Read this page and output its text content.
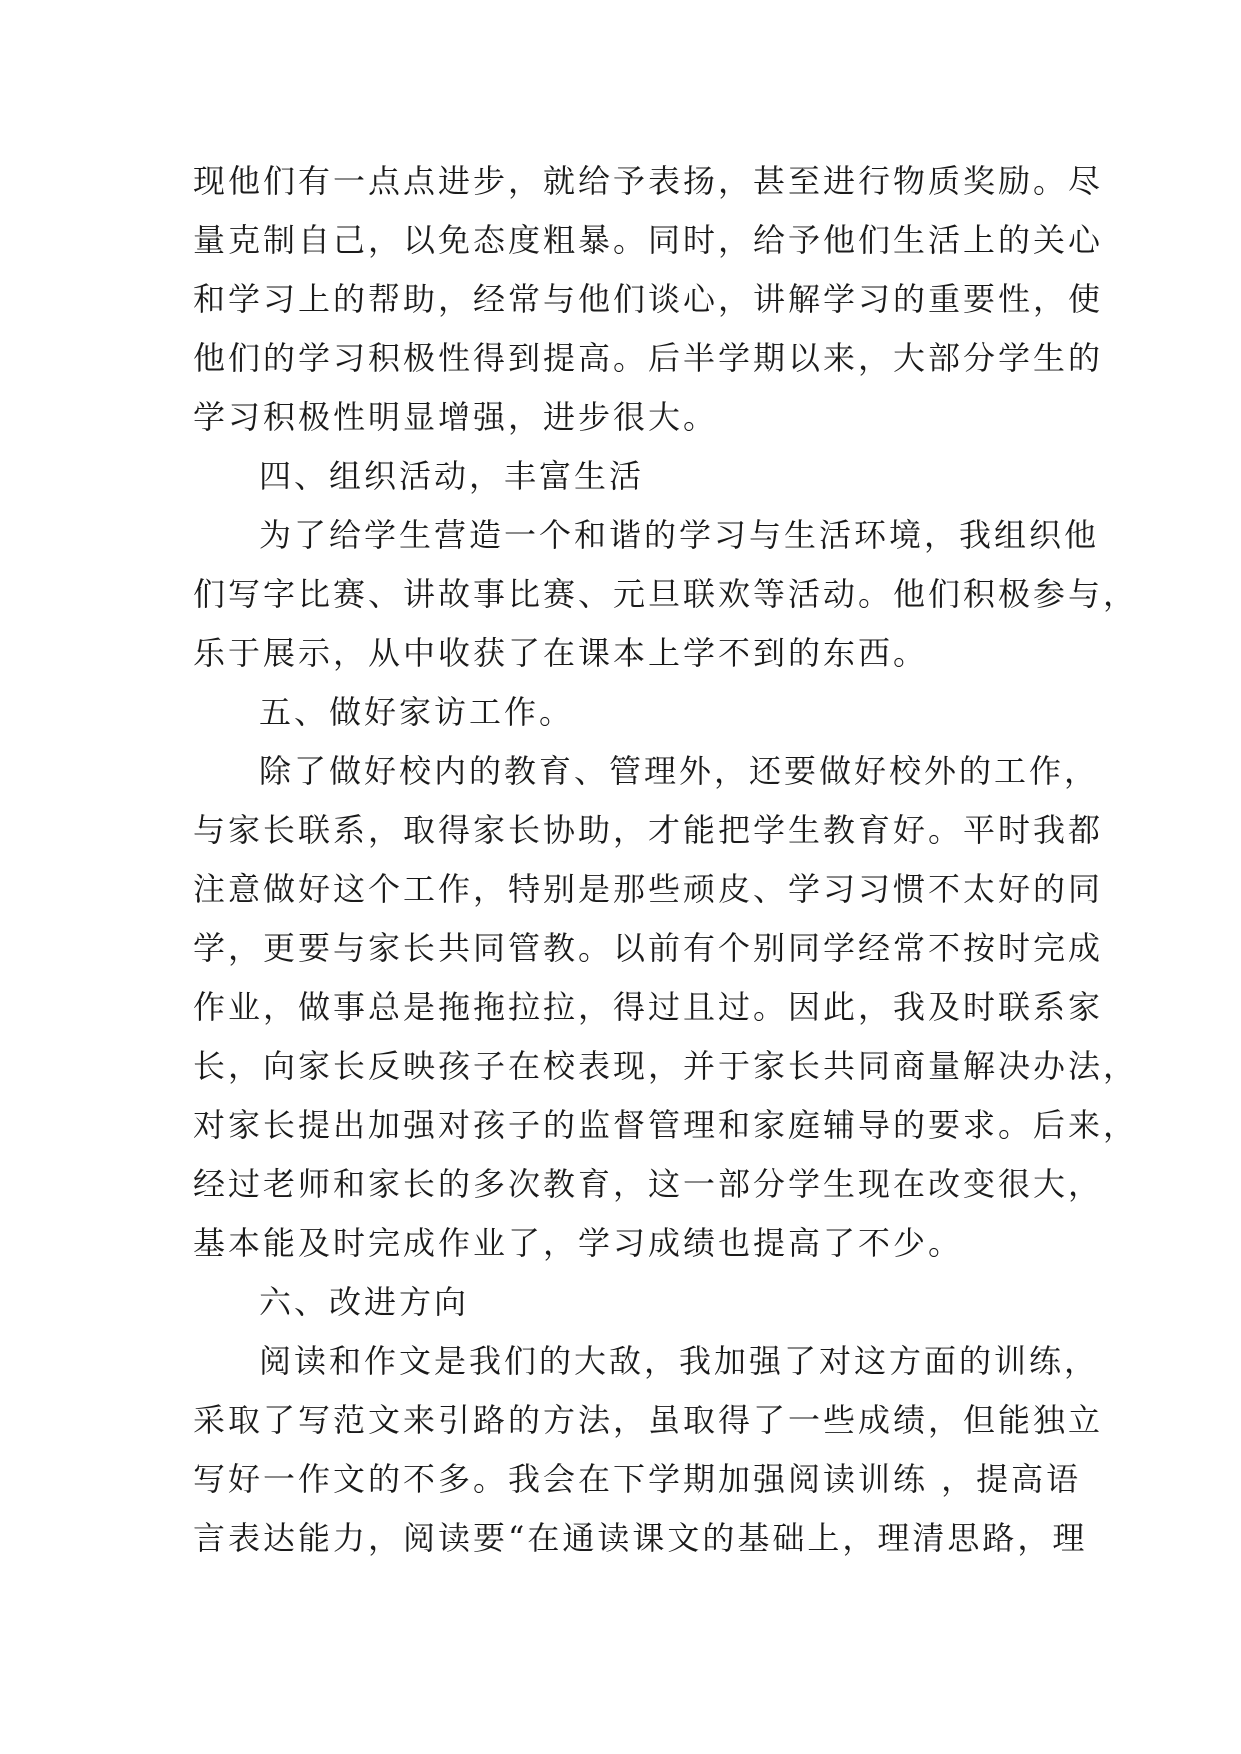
现他们有一点点进步，就给予表扬，甚至进行物质奖励。尽
量克制自己，以免态度粗暴。同时，给予他们生活上的关心
和学习上的帮助，经常与他们谈心，讲解学习的重要性，使
他们的学习积极性得到提高。后半学期以来，大部分学生的
学习积极性明显增强，进步很大。
四、组织活动，丰富生活
为了给学生营造一个和谐的学习与生活环境，我组织他
们写字比赛、讲故事比赛、元旦联欢等活动。他们积极参与，
乐于展示，从中收获了在课本上学不到的东西。
五、做好家访工作。
除了做好校内的教育、管理外，还要做好校外的工作，
与家长联系，取得家长协助，才能把学生教育好。平时我都
注意做好这个工作，特别是那些顽皮、学习习惯不太好的同
学，更要与家长共同管教。以前有个别同学经常不按时完成
作业，做事总是拖拖拉拉，得过且过。因此，我及时联系家
长，向家长反映孩子在校表现，并于家长共同商量解决办法，
对家长提出加强对孩子的监督管理和家庭辅导的要求。后来，
经过老师和家长的多次教育，这一部分学生现在改变很大，
基本能及时完成作业了，学习成绩也提高了不少。
六、改进方向
阅读和作文是我们的大敌，我加强了对这方面的训练，
采取了写范文来引路的方法，虽取得了一些成绩，但能独立
写好一作文的不多。我会在下学期加强阅读训练 ，提高语
言表达能力，阅读要“在通读课文的基础上，理清思路，理
